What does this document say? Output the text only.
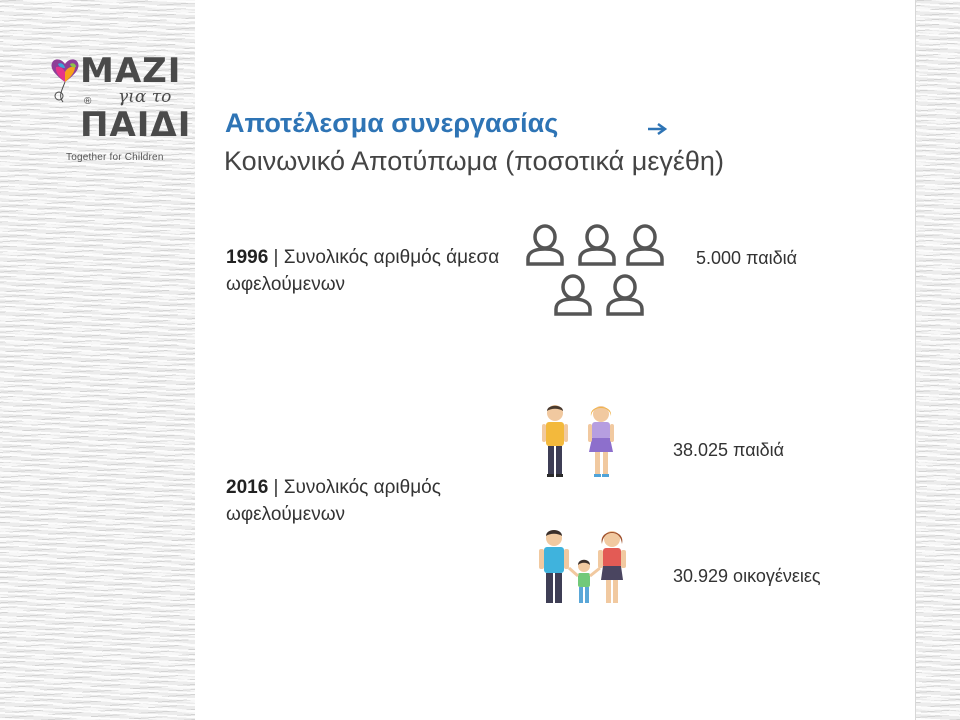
ΜΑΖΙ
® για το
ΠΑΙΔΙ
Together for Children
Αποτέλεσμα συνεργασίας
Κοινωνικό Αποτύπωμα (ποσοτικά μεγέθη)
1996 | Συνολικός αριθμός άμεσα ωφελούμενων
5.000 παιδιά
38.025 παιδιά
2016 | Συνολικός αριθμός ωφελούμενων
30.929 οικογένειες
